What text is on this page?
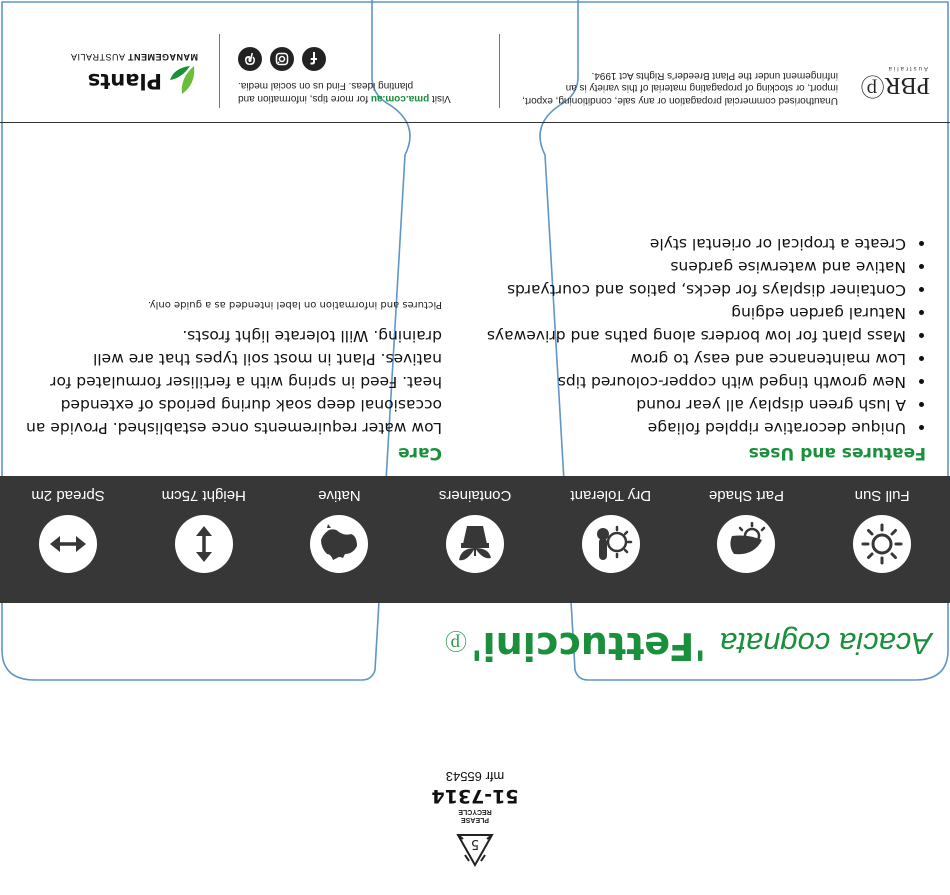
5
PLEASE
RECYCLE
51-7314
mfr 65543
Acacia cognata
'Fettuccini'
ⓟ
Full Sun
Part Shade
Dry Tolerant
Containers
Native
Height 75cm
Spread 2m
Features and Uses
• Unique decorative rippled foliage
• A lush green display all year round
• New growth tinged with copper-coloured tips
• Low maintenance and easy to grow
• Mass plant for low borders along paths and driveways
• Natural garden edging
• Container displays for decks, patios and courtyards
• Native and waterwise gardens
• Create a tropical or oriental style
Care

Low water requirements once established. Provide an occasional deep soak during periods of extended heat. Feed in spring with a fertiliser formulated for natives. Plant in most soil types that are well draining. Will tolerate light frosts.

Pictures and information on label intended as a guide only.
Plants
MANAGEMENT AUSTRALIA
Visit pma.com.au for more tips, information and planting ideas. Find us on social media.	PBRⓟ
Australia
Unauthorised commercial propagation or any sale, conditioning, export, import, or stocking of propagating material of this variety is an infringement under the Plant Breeder's Rights Act 1994.
